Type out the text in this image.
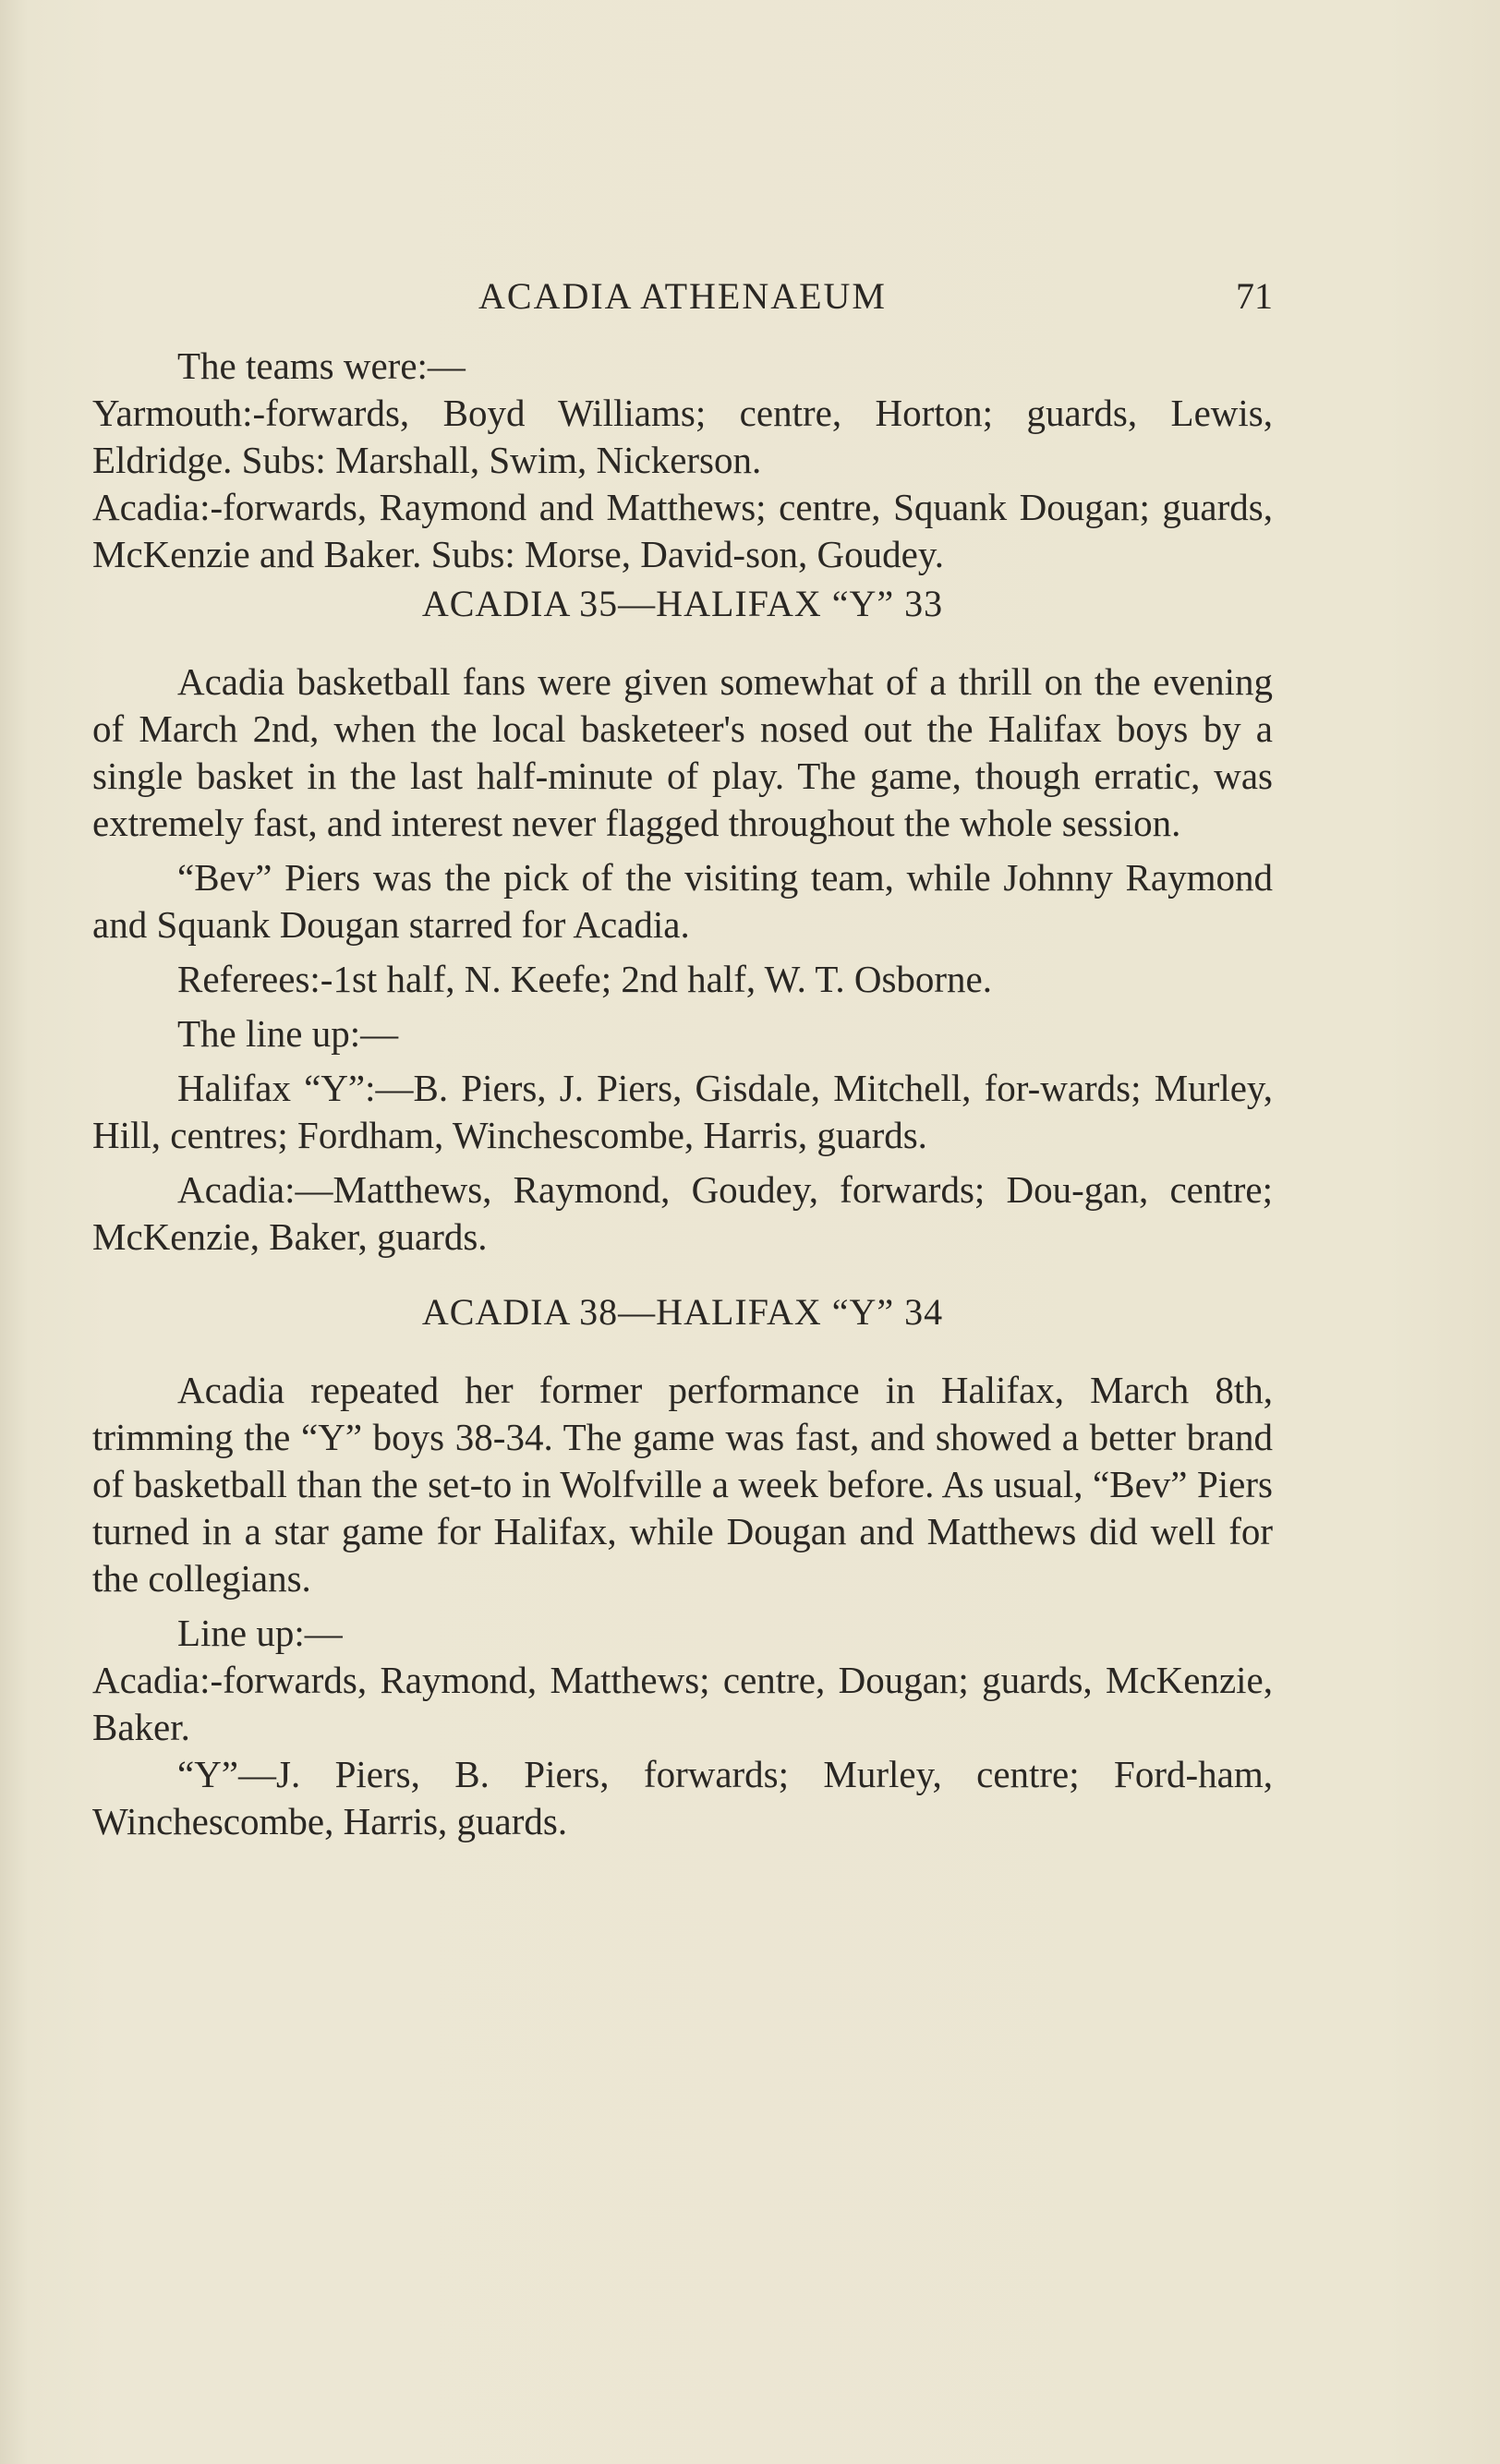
ACADIA ATHENAEUM	71

The teams were:—

Yarmouth:-forwards, Boyd Williams; centre, Horton; guards, Lewis, Eldridge. Subs: Marshall, Swim, Nickerson.

Acadia:-forwards, Raymond and Matthews; centre, Squank Dougan; guards, McKenzie and Baker. Subs: Morse, David-son, Goudey.

ACADIA 35—HALIFAX “Y” 33

Acadia basketball fans were given somewhat of a thrill on the evening of March 2nd, when the local basketeer's nosed out the Halifax boys by a single basket in the last half-minute of play. The game, though erratic, was extremely fast, and interest never flagged throughout the whole session.

“Bev” Piers was the pick of the visiting team, while Johnny Raymond and Squank Dougan starred for Acadia.

Referees:-1st half, N. Keefe; 2nd half, W. T. Osborne.

The line up:—

Halifax “Y”:—B. Piers, J. Piers, Gisdale, Mitchell, for-wards; Murley, Hill, centres; Fordham, Winchescombe, Harris, guards.

Acadia:—Matthews, Raymond, Goudey, forwards; Dou-gan, centre; McKenzie, Baker, guards.

ACADIA 38—HALIFAX “Y” 34

Acadia repeated her former performance in Halifax, March 8th, trimming the “Y” boys 38-34. The game was fast, and showed a better brand of basketball than the set-to in Wolfville a week before. As usual, “Bev” Piers turned in a star game for Halifax, while Dougan and Matthews did well for the collegians.

Line up:—

Acadia:-forwards, Raymond, Matthews; centre, Dougan; guards, McKenzie, Baker.

“Y”—J. Piers, B. Piers, forwards; Murley, centre; Ford-ham, Winchescombe, Harris, guards.
